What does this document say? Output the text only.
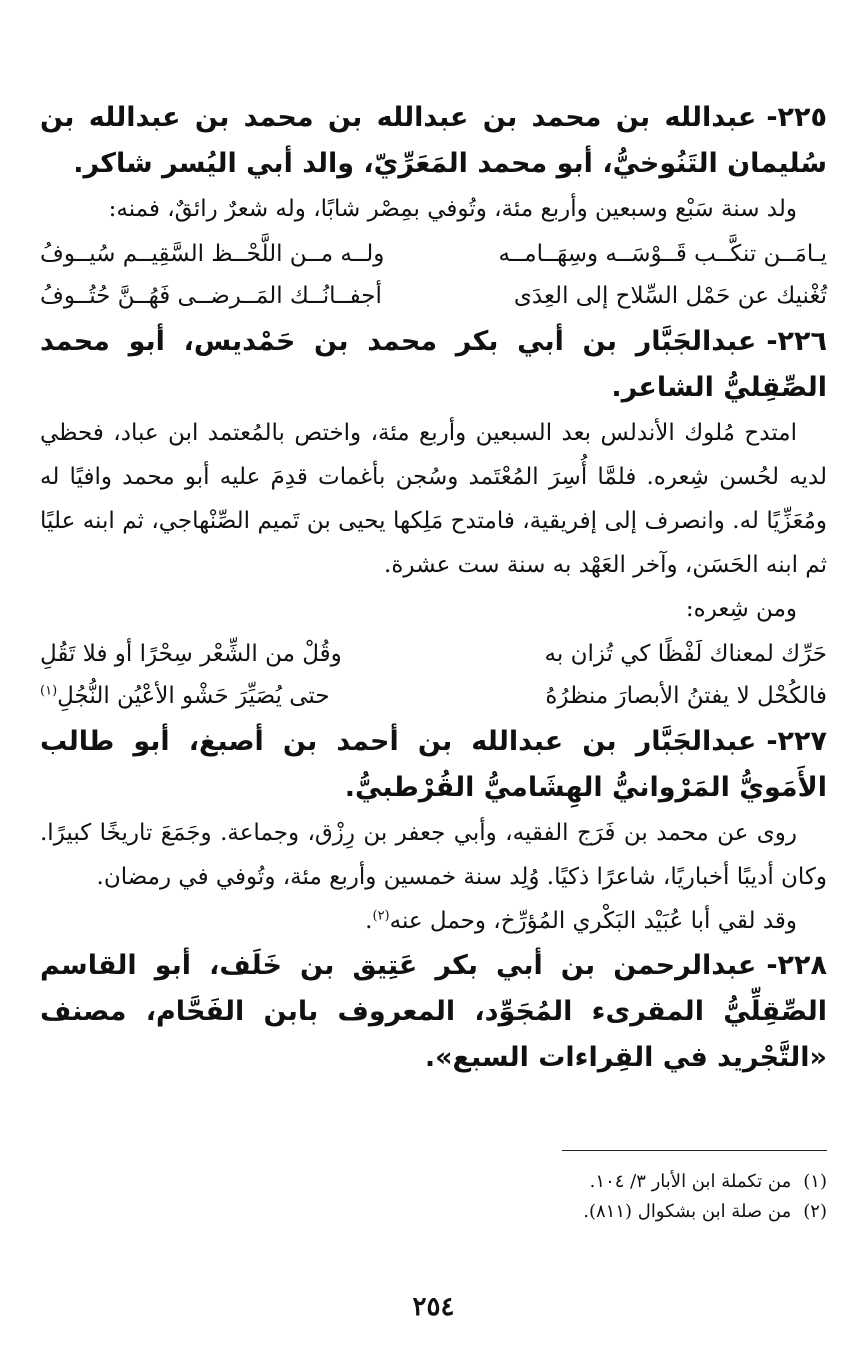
٢٢٥-عبدالله بن محمد بن عبدالله بن محمد بن عبدالله بن سُليمان التَنُوخيُّ، أبو محمد المَعَرِّيّ، والد أبي اليُسر شاكر.

ولد سنة سَبْع وسبعين وأربع مئة، وتُوفي بمِصْر شابًا، وله شعرٌ رائقٌ، فمنه:

يـامَــن تنكَّــب قَــوْسَــه وسِهَــامــه
ولــه مــن اللَّحْــظ السَّقِيــم سُيــوفُ
تُغْنيك عن حَمْل السِّلاح إلى العِدَى
أجفــانُــك المَــرضــى فَهُــنَّ حُتُــوفُ

٢٢٦-عبدالجَبَّار بن أبي بكر محمد بن حَمْديس، أبو محمد الصِّقِليُّ الشاعر.

امتدح مُلوك الأندلس بعد السبعين وأربع مئة، واختص بالمُعتمد ابن عباد، فحظي لديه لحُسن شِعره. فلمَّا أُسِرَ المُعْتَمد وسُجن بأغمات قدِمَ عليه أبو محمد وافيًا له ومُعَزِّيًا له. وانصرف إلى إفريقية، فامتدح مَلِكها يحيى بن تَميم الصِّنْهاجي، ثم ابنه عليًا ثم ابنه الحَسَن، وآخر العَهْد به سنة ست عشرة.

ومن شِعره:

حَرِّك لمعناك لَفْظًا كي تُزان به
وقُلْ من الشِّعْر سِحْرًا أو فلا تَقُلِ
فالكُحْل لا يفتنُ الأبصارَ منظرُهُ
حتى يُصَيِّرَ حَشْو الأعْيُن النُّجُلِ$^{(١)}$

٢٢٧-عبدالجَبَّار بن عبدالله بن أحمد بن أصبغ، أبو طالب الأَمَويُّ المَرْوانيُّ الهِشَاميُّ القُرْطبيُّ.

روى عن محمد بن فَرَج الفقيه، وأبي جعفر بن رِزْق، وجماعة. وجَمَعَ تاريخًا كبيرًا. وكان أديبًا أخباريًا، شاعرًا ذكيًا. وُلِد سنة خمسين وأربع مئة، وتُوفي في رمضان.

وقد لقي أبا عُبَيْد البَكْري المُؤرِّخ، وحمل عنه$^{(٢)}$.

٢٢٨-عبدالرحمن بن أبي بكر عَتِيق بن خَلَف، أبو القاسم الصِّقِلِّيُّ المقرىء المُجَوِّد، المعروف بابن الفَحَّام، مصنف «التَّجْريد في القِراءات السبع».

(١)من تكملة ابن الأبار ٣/ ١٠٤.

(٢)من صلة ابن بشكوال (٨١١).

٢٥٤
